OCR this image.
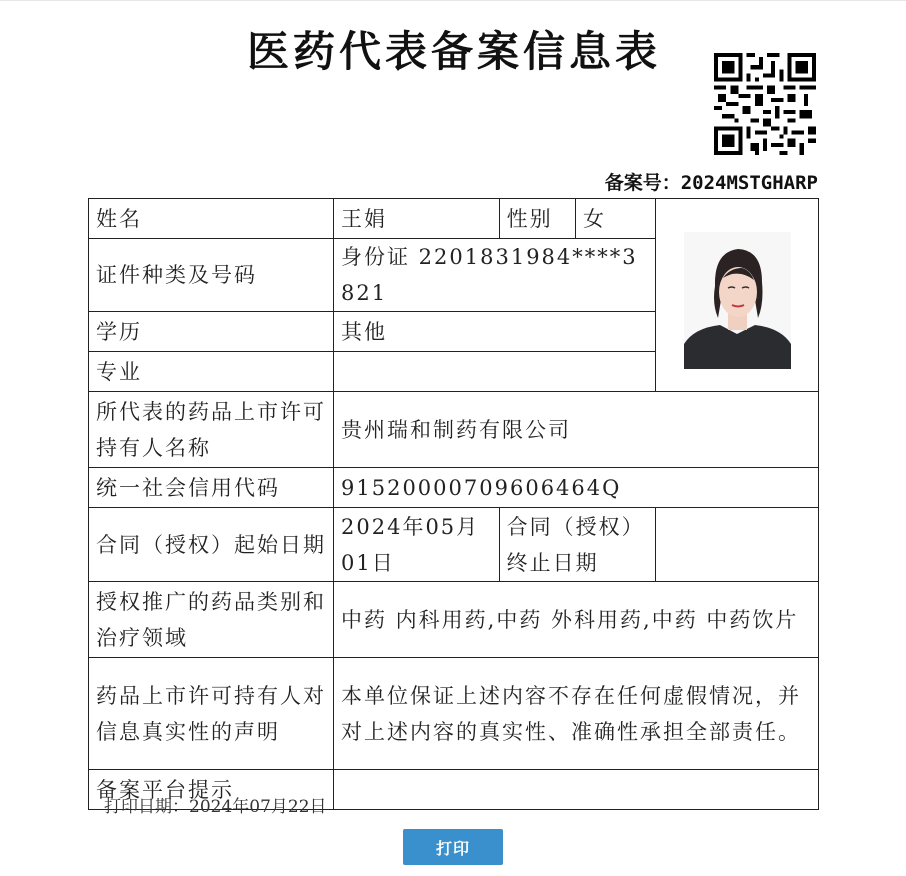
医药代表备案信息表
备案号：2024MSTGHARP
姓名	王娟	性别	女	

证件种类及号码	身份证 2201831984****3821			
学历	其他			
专业				
所代表的药品上市许可持有人名称	贵州瑞和制药有限公司			
统一社会信用代码	91520000709606464Q			
合同（授权）起始日期	2024年05月01日	合同（授权）终止日期		
授权推广的药品类别和治疗领域	中药 内科用药,中药 外科用药,中药 中药饮片			
药品上市许可持有人对信息真实性的声明	本单位保证上述内容不存在任何虚假情况，并对上述内容的真实性、准确性承担全部责任。			
备案平台提示				
打印日期：2024年07月22日
打印
